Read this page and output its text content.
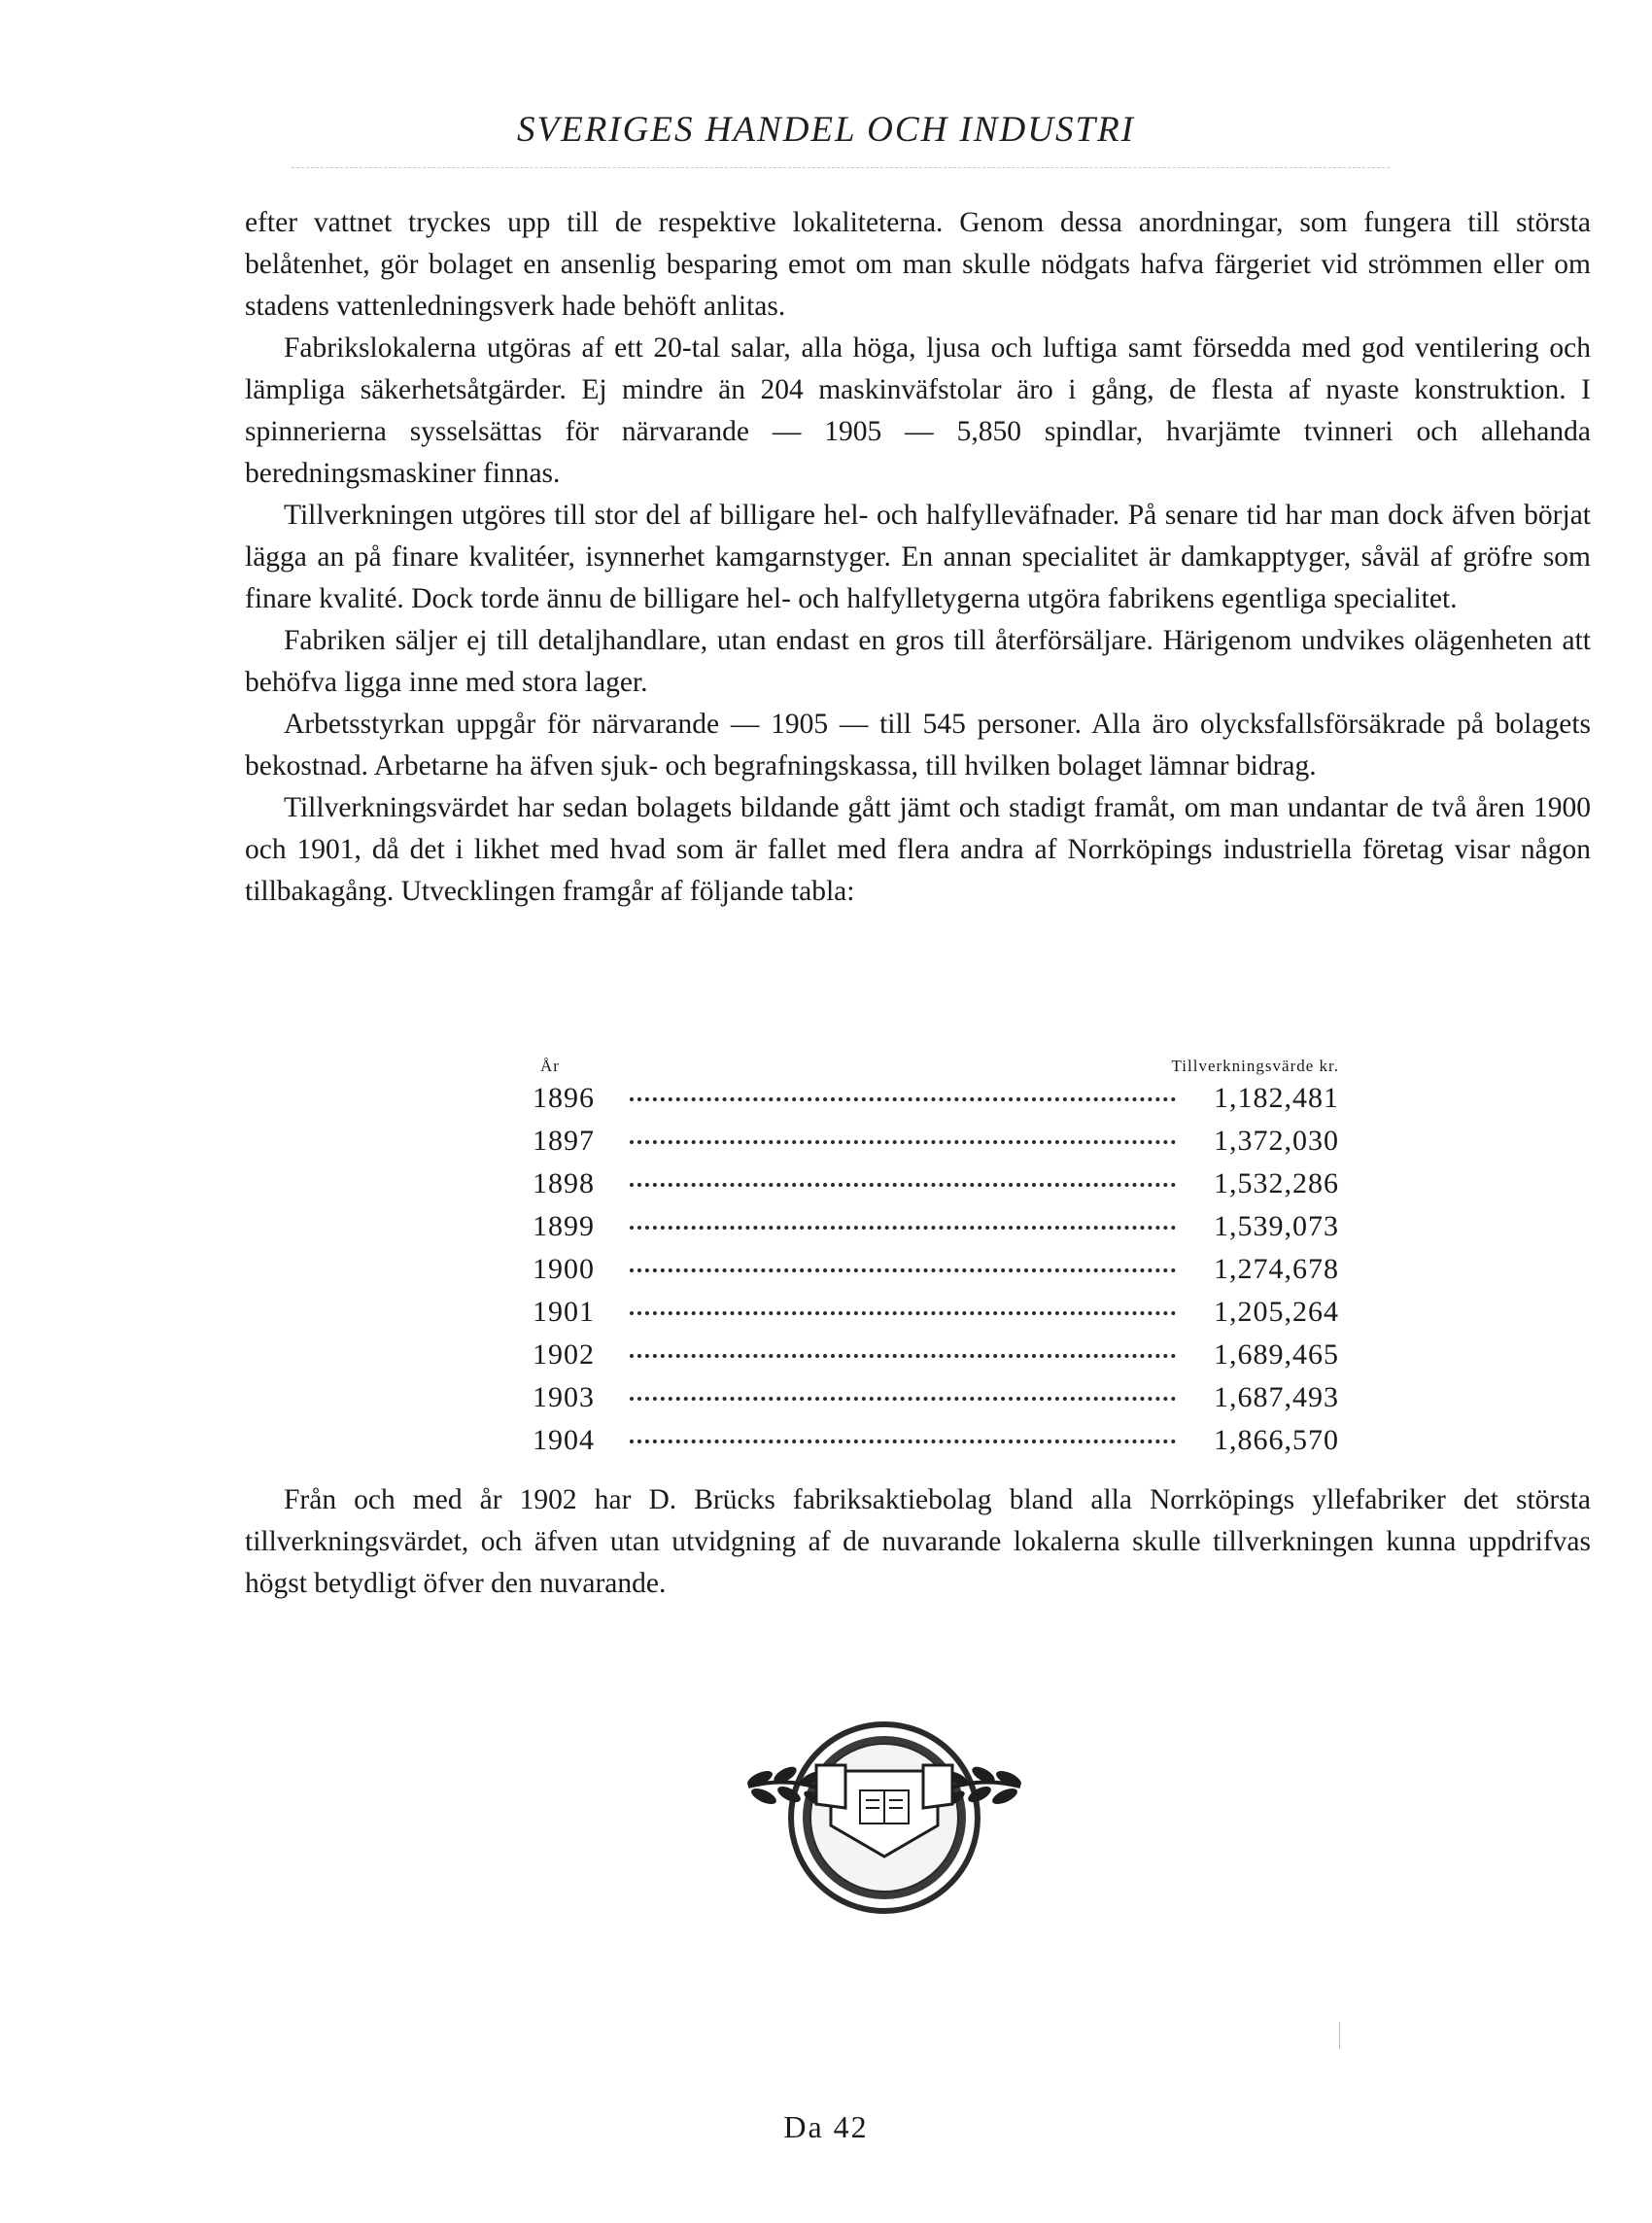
SVERIGES HANDEL OCH INDUSTRI

efter vattnet tryckes upp till de respektive lokaliteterna. Genom dessa anordningar, som fungera till största belåtenhet, gör bolaget en ansenlig besparing emot om man skulle nödgats hafva färgeriet vid strömmen eller om stadens vattenledningsverk hade behöft anlitas.

Fabrikslokalerna utgöras af ett 20-tal salar, alla höga, ljusa och luftiga samt försedda med god ventilering och lämpliga säkerhetsåtgärder. Ej mindre än 204 maskinväfstolar äro i gång, de flesta af nyaste konstruktion. I spinnerierna sysselsättas för närvarande — 1905 — 5,850 spindlar, hvarjämte tvinneri och allehanda beredningsmaskiner finnas.

Tillverkningen utgöres till stor del af billigare hel- och halfylleväfnader. På senare tid har man dock äfven börjat lägga an på finare kvalitéer, isynnerhet kamgarnstyger. En annan specialitet är damkapptyger, såväl af gröfre som finare kvalité. Dock torde ännu de billigare hel- och halfylletygerna utgöra fabrikens egentliga specialitet.

Fabriken säljer ej till detaljhandlare, utan endast en gros till återförsäljare. Härigenom undvikes olägenheten att behöfva ligga inne med stora lager.

Arbetsstyrkan uppgår för närvarande — 1905 — till 545 personer. Alla äro olycksfallsförsäkrade på bolagets bekostnad. Arbetarne ha äfven sjuk- och begrafningskassa, till hvilken bolaget lämnar bidrag.

Tillverkningsvärdet har sedan bolagets bildande gått jämt och stadigt framåt, om man undantar de två åren 1900 och 1901, då det i likhet med hvad som är fallet med flera andra af Norrköpings industriella företag visar någon tillbakagång. Utvecklingen framgår af följande tabla:

År	Tillverkningsvärde kr.
1896	1,182,481
1897	1,372,030
1898	1,532,286
1899	1,539,073
1900	1,274,678
1901	1,205,264
1902	1,689,465
1903	1,687,493
1904	1,866,570

Från och med år 1902 har D. Brücks fabriksaktiebolag bland alla Norrköpings yllefabriker det största tillverkningsvärdet, och äfven utan utvidgning af de nuvarande lokalerna skulle tillverkningen kunna uppdrifvas högst betydligt öfver den nuvarande.

Da 42
